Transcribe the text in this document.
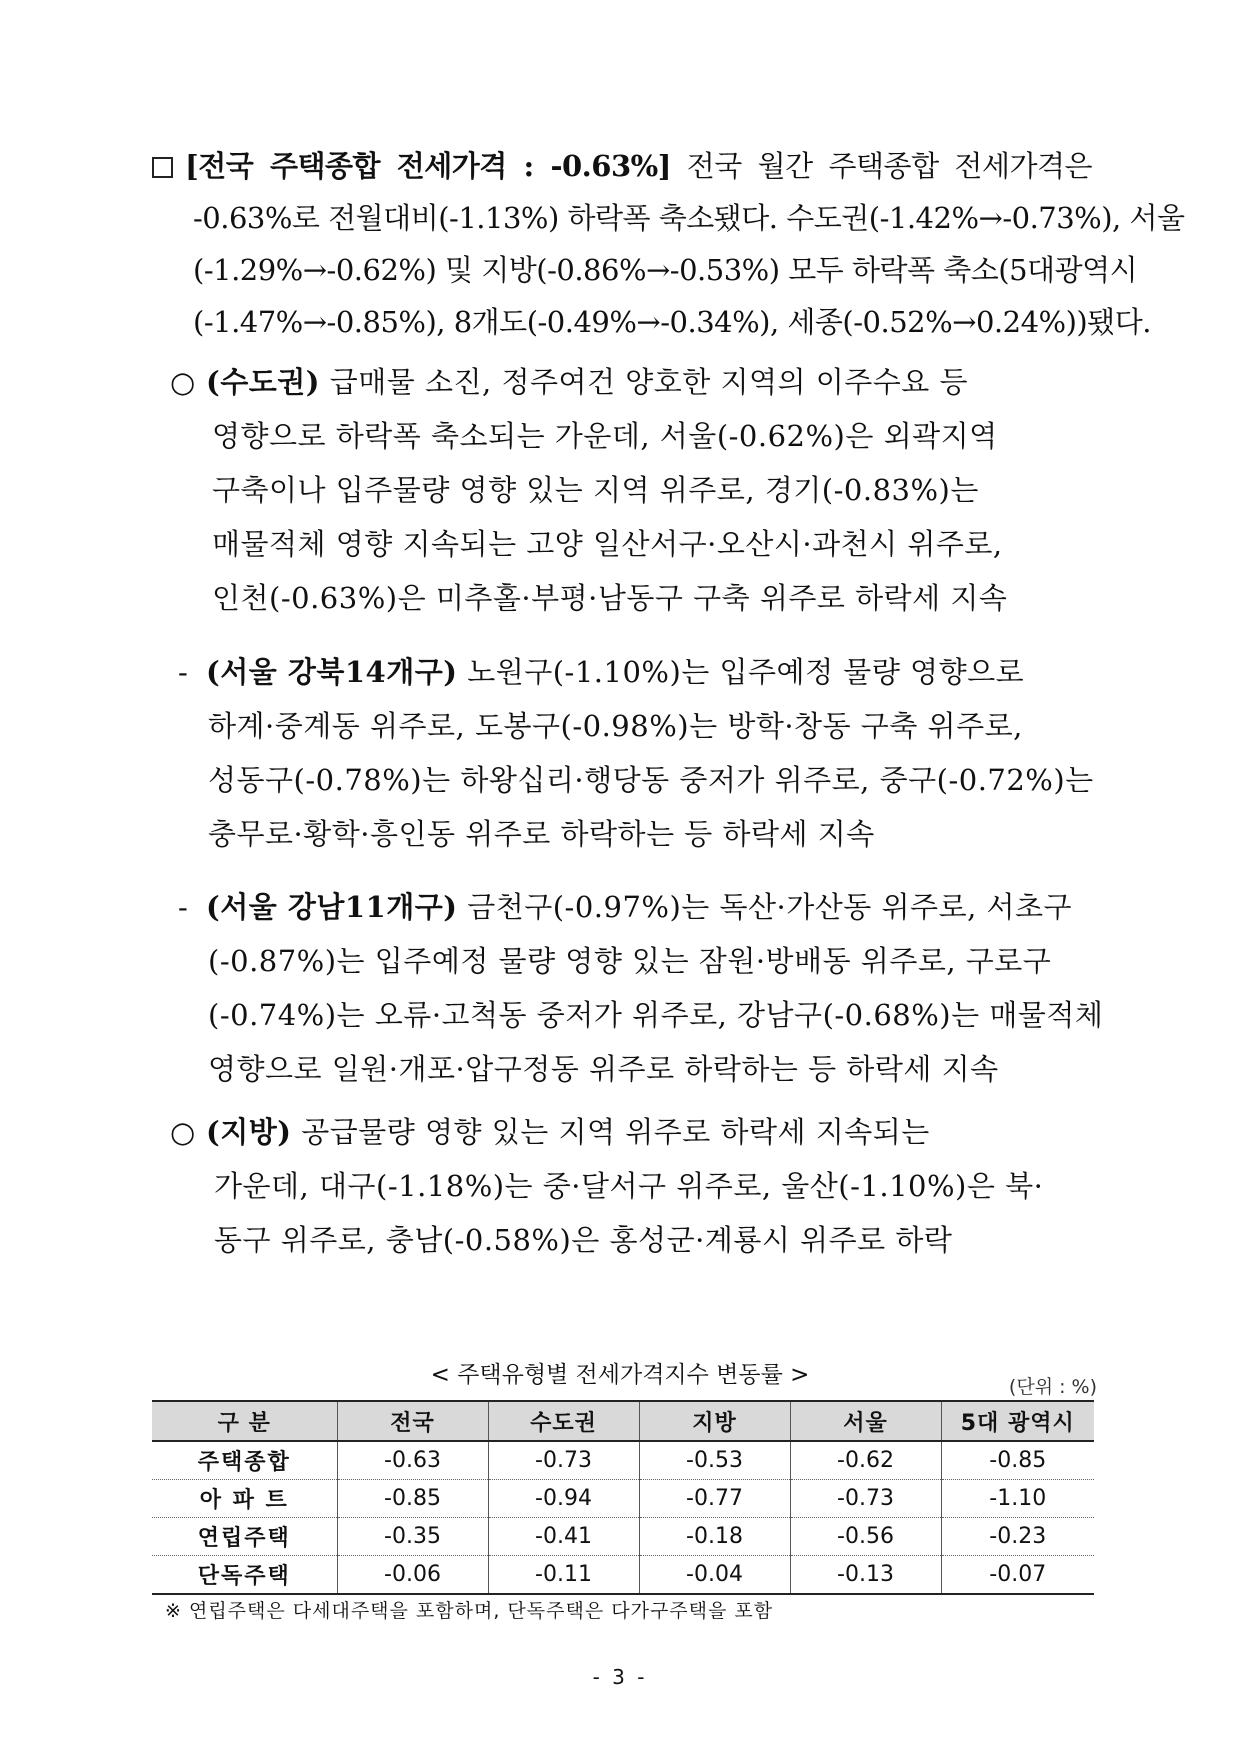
[전국 주택종합 전세가격 : -0.63%] 전국 월간 주택종합 전세가격은
-0.63%로 전월대비(-1.13%) 하락폭 축소됐다. 수도권(-1.42%→-0.73%), 서울
(-1.29%→-0.62%) 및 지방(-0.86%→-0.53%) 모두 하락폭 축소(5대광역시
(-1.47%→-0.85%), 8개도(-0.49%→-0.34%), 세종(-0.52%→0.24%))됐다.
○ (수도권) 급매물 소진, 정주여건 양호한 지역의 이주수요 등
영향으로 하락폭 축소되는 가운데, 서울(-0.62%)은 외곽지역
구축이나 입주물량 영향 있는 지역 위주로, 경기(-0.83%)는
매물적체 영향 지속되는 고양 일산서구·오산시·과천시 위주로,
인천(-0.63%)은 미추홀·부평·남동구 구축 위주로 하락세 지속
- (서울 강북14개구) 노원구(-1.10%)는 입주예정 물량 영향으로
하계·중계동 위주로, 도봉구(-0.98%)는 방학·창동 구축 위주로,
성동구(-0.78%)는 하왕십리·행당동 중저가 위주로, 중구(-0.72%)는
충무로·황학·흥인동 위주로 하락하는 등 하락세 지속
- (서울 강남11개구) 금천구(-0.97%)는 독산·가산동 위주로, 서초구
(-0.87%)는 입주예정 물량 영향 있는 잠원·방배동 위주로, 구로구
(-0.74%)는 오류·고척동 중저가 위주로, 강남구(-0.68%)는 매물적체
영향으로 일원·개포·압구정동 위주로 하락하는 등 하락세 지속
○ (지방) 공급물량 영향 있는 지역 위주로 하락세 지속되는
가운데, 대구(-1.18%)는 중·달서구 위주로, 울산(-1.10%)은 북·
동구 위주로, 충남(-0.58%)은 홍성군·계룡시 위주로 하락
< 주택유형별 전세가격지수 변동률 >	(단위 : %)
구 분	전국	수도권	지방	서울	5대 광역시
주택종합	-0.63	-0.73	-0.53	-0.62	-0.85
아 파 트	-0.85	-0.94	-0.77	-0.73	-1.10
연립주택	-0.35	-0.41	-0.18	-0.56	-0.23
단독주택	-0.06	-0.11	-0.04	-0.13	-0.07
※ 연립주택은 다세대주택을 포함하며, 단독주택은 다가구주택을 포함
- 3 -
